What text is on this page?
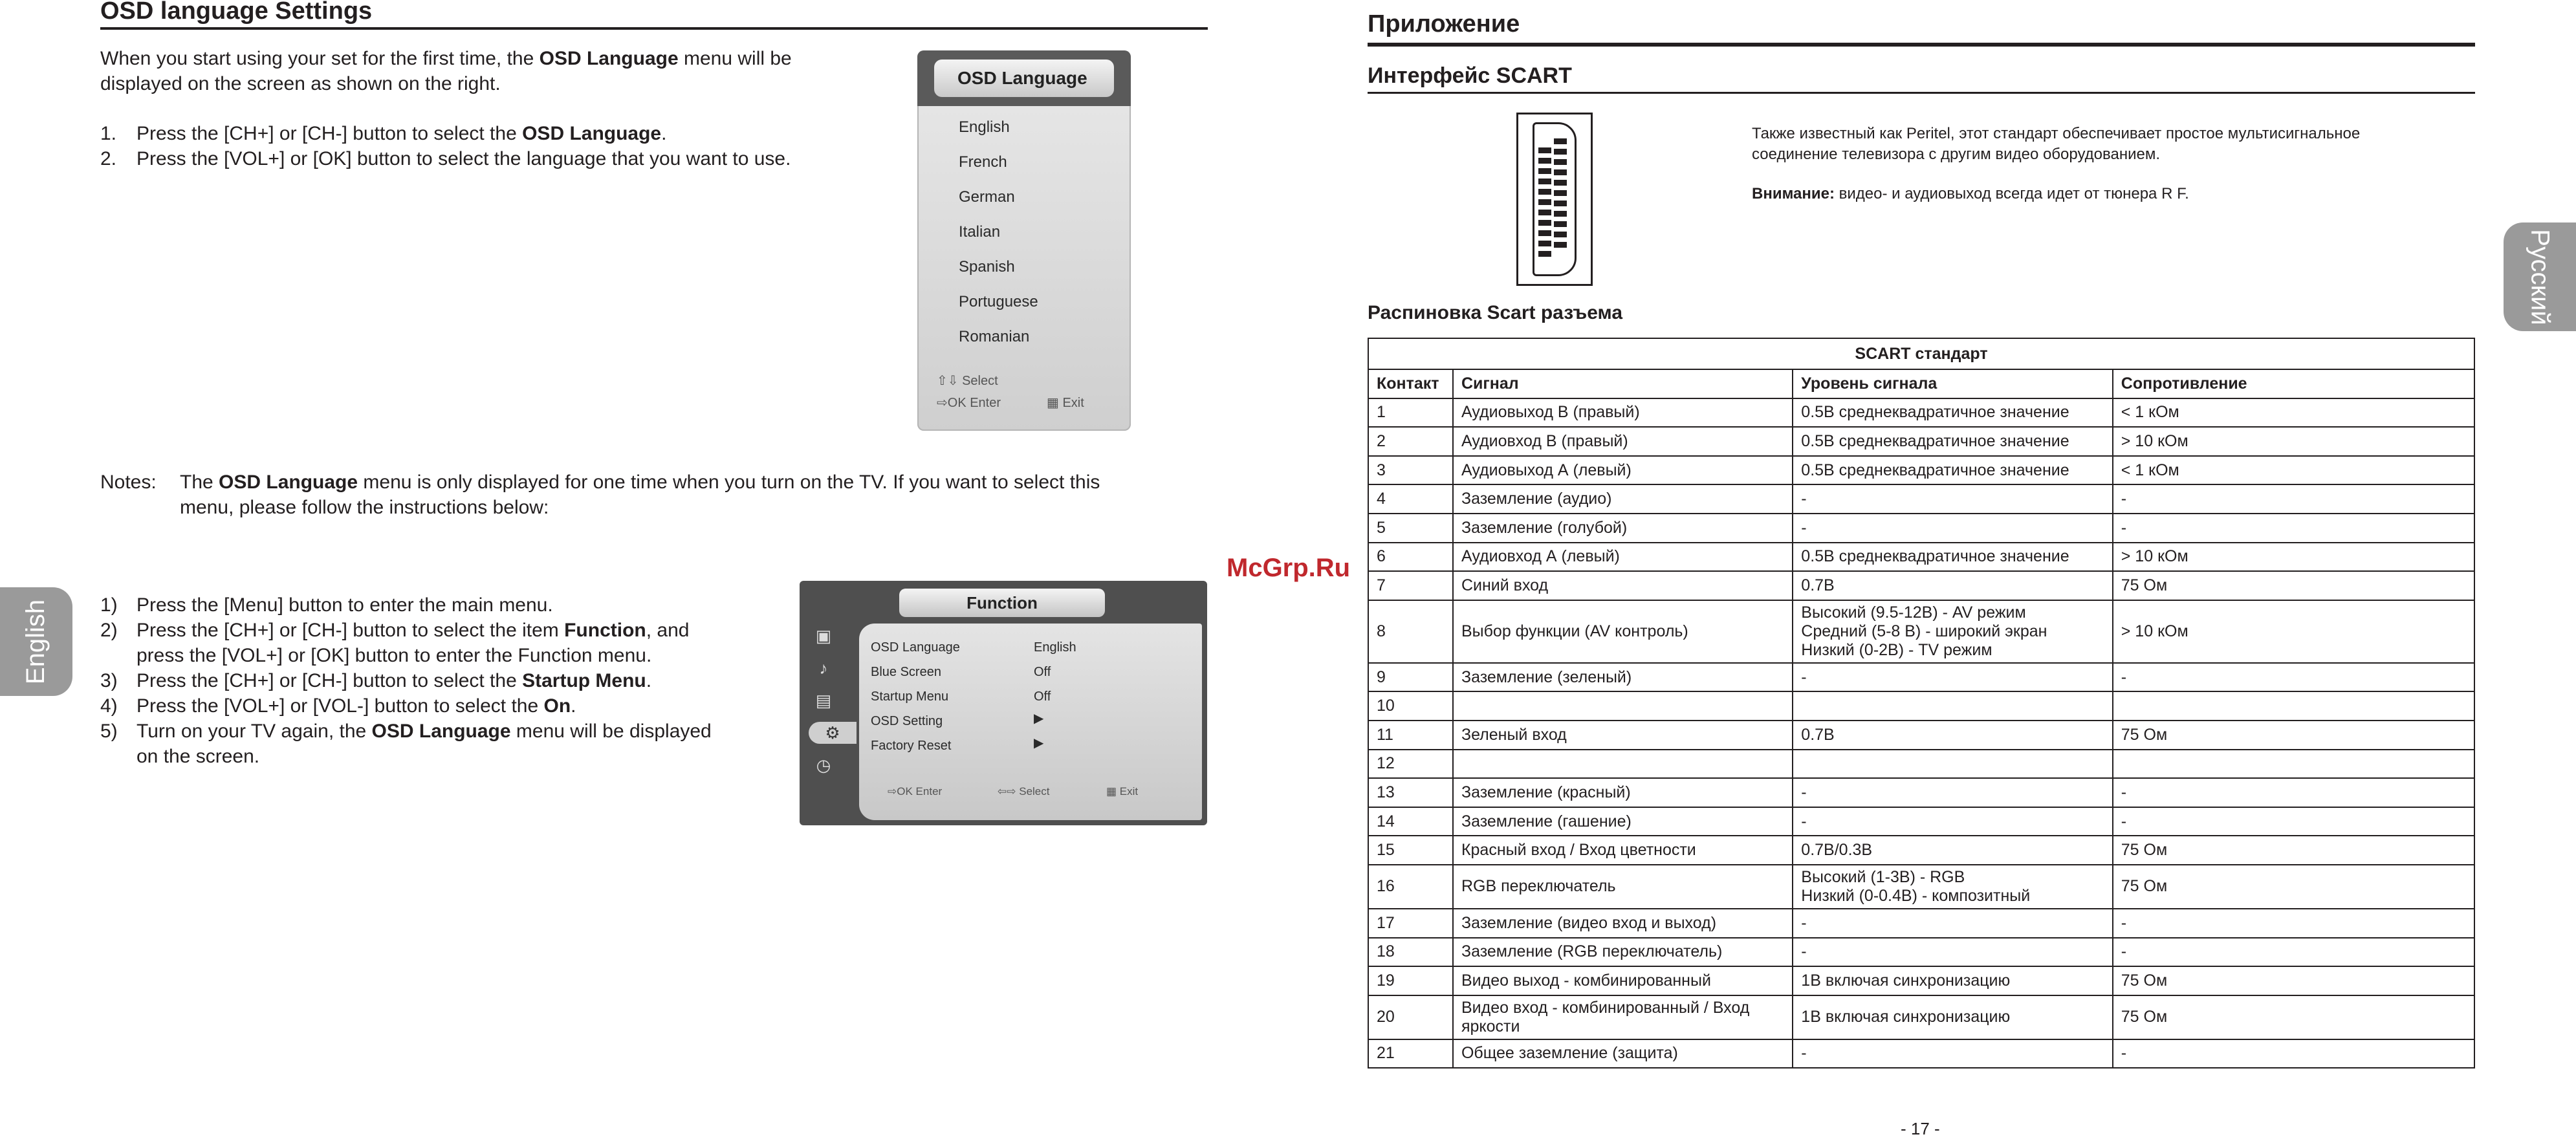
OSD language Settings
When you start using your set for the first time, the OSD Language menu will be
displayed on the screen as shown on the right.
1. Press the [CH+] or [CH-] button to select the OSD Language.
2. Press the [VOL+] or [OK] button to select the language that you want to use.
OSD Language
English
French
German
Italian
Spanish
Portuguese
Romanian
⇧⇩ Select
⇨OK Enter	▦ Exit
Notes: The OSD Language menu is only displayed for one time when you turn on the TV. If you want to select this
menu, please follow the instructions below:
1) Press the [Menu] button to enter the main menu.
2) Press the [CH+] or [CH-] button to select the item Function, and
press the [VOL+] or [OK] button to enter the Function menu.
3) Press the [CH+] or [CH-] button to select the Startup Menu.
4) Press the [VOL+] or [VOL-] button to select the On.
5) Turn on your TV again, the OSD Language menu will be displayed
on the screen.
Function
▣
♪
▤
⚙
◷
OSD Language	English
Blue Screen	Off
Startup Menu	Off
OSD Setting	▶
Factory Reset	▶
⇨OK Enter	⇦⇨ Select	▦ Exit
English
McGrp.Ru
Приложение
Интерфейс SCART
Также известный как Peritel, этот стандарт обеспечивает простое мультисигнальное
соединение телевизора с другим видео оборудованием.
Внимание: видео- и аудиовыход всегда идет от тюнера R F.
Распиновка Scart разъема
SCART стандарт			
Контакт	Сигнал	Уровень сигнала	Сопротивление
1	Аудиовыход B (правый)	0.5В среднеквадратичное значение	< 1 кОм
2	Аудиовход B (правый)	0.5В среднеквадратичное значение	> 10 кОм
3	Аудиовыход А (левый)	0.5В среднеквадратичное значение	< 1 кОм
4	Заземление (аудио)	-	-
5	Заземление (голубой)	-	-
6	Аудиовход А (левый)	0.5В среднеквадратичное значение	> 10 кОм
7	Синий вход	0.7В	75 Ом
8	Выбор функции (AV контроль)	Высокий (9.5-12В) - AV режим
Средний (5-8 В) - широкий экран
Низкий (0-2В) - TV режим	> 10 кОм
9	Заземление (зеленый)	-	-
10			
11	Зеленый вход	0.7В	75 Ом
12			
13	Заземление (красный)	-	-
14	Заземление (гашение)	-	-
15	Красный вход / Вход цветности	0.7В/0.3В	75 Ом
16	RGB переключатель	Высокий (1-3В) - RGB
Низкий (0-0.4В) - композитный	75 Ом
17	Заземление (видео вход и выход)	-	-
18	Заземление (RGB переключатель)	-	-
19	Видео выход - комбинированный	1В включая синхронизацию	75 Ом
20	Видео вход - комбинированный / Вход
яркости	1В включая синхронизацию	75 Ом
21	Общее заземление (защита)	-	-
Русский
- 17 -
